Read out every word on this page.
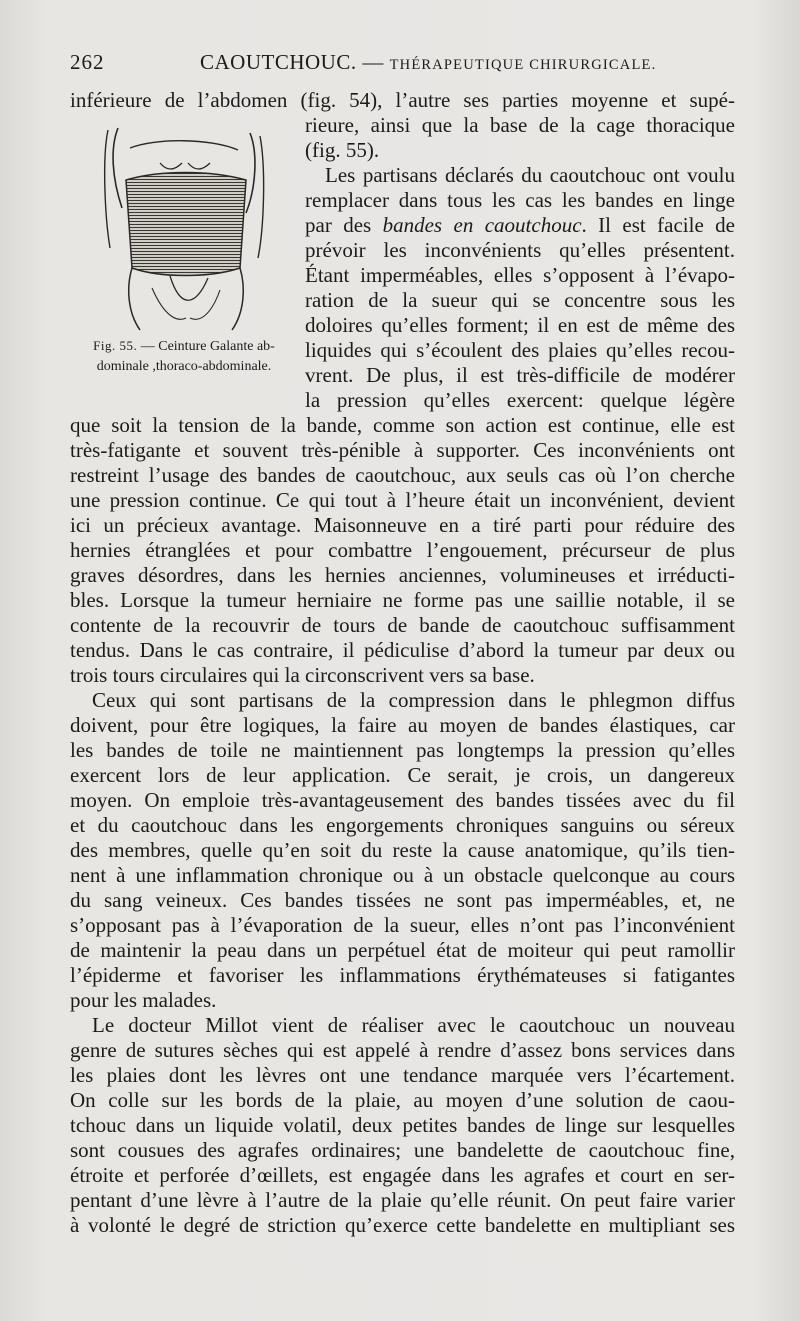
262	CAOUTCHOUC. — THÉRAPEUTIQUE CHIRURGICALE.
Fig. 55. — Ceinture Galante ab-
dominale ,thoraco-abdominale.
inférieure de l’abdomen (fig. 54), l’autre ses parties moyenne et supé-
rieure, ainsi que la base de la cage thoracique
(fig. 55).
Les partisans déclarés du caoutchouc ont voulu
remplacer dans tous les cas les bandes en linge
par des bandes en caoutchouc. Il est facile de
prévoir les inconvénients qu’elles présentent.
Étant imperméables, elles s’opposent à l’évapo-
ration de la sueur qui se concentre sous les
doloires qu’elles forment; il en est de même des
liquides qui s’écoulent des plaies qu’elles recou-
vrent. De plus, il est très-difficile de modérer
la pression qu’elles exercent: quelque légère
que soit la tension de la bande, comme son action est continue, elle est
très-fatigante et souvent très-pénible à supporter. Ces inconvénients ont
restreint l’usage des bandes de caoutchouc, aux seuls cas où l’on cherche
une pression continue. Ce qui tout à l’heure était un inconvénient, devient
ici un précieux avantage. Maisonneuve en a tiré parti pour réduire des
hernies étranglées et pour combattre l’engouement, précurseur de plus
graves désordres, dans les hernies anciennes, volumineuses et irréducti-
bles. Lorsque la tumeur herniaire ne forme pas une saillie notable, il se
contente de la recouvrir de tours de bande de caoutchouc suffisamment
tendus. Dans le cas contraire, il pédiculise d’abord la tumeur par deux ou
trois tours circulaires qui la circonscrivent vers sa base.
Ceux qui sont partisans de la compression dans le phlegmon diffus
doivent, pour être logiques, la faire au moyen de bandes élastiques, car
les bandes de toile ne maintiennent pas longtemps la pression qu’elles
exercent lors de leur application. Ce serait, je crois, un dangereux
moyen. On emploie très-avantageusement des bandes tissées avec du fil
et du caoutchouc dans les engorgements chroniques sanguins ou séreux
des membres, quelle qu’en soit du reste la cause anatomique, qu’ils tien-
nent à une inflammation chronique ou à un obstacle quelconque au cours
du sang veineux. Ces bandes tissées ne sont pas imperméables, et, ne
s’opposant pas à l’évaporation de la sueur, elles n’ont pas l’inconvénient
de maintenir la peau dans un perpétuel état de moiteur qui peut ramollir
l’épiderme et favoriser les inflammations érythémateuses si fatigantes
pour les malades.
Le docteur Millot vient de réaliser avec le caoutchouc un nouveau
genre de sutures sèches qui est appelé à rendre d’assez bons services dans
les plaies dont les lèvres ont une tendance marquée vers l’écartement.
On colle sur les bords de la plaie, au moyen d’une solution de caou-
tchouc dans un liquide volatil, deux petites bandes de linge sur lesquelles
sont cousues des agrafes ordinaires; une bandelette de caoutchouc fine,
étroite et perforée d’œillets, est engagée dans les agrafes et court en ser-
pentant d’une lèvre à l’autre de la plaie qu’elle réunit. On peut faire varier
à volonté le degré de striction qu’exerce cette bandelette en multipliant ses
